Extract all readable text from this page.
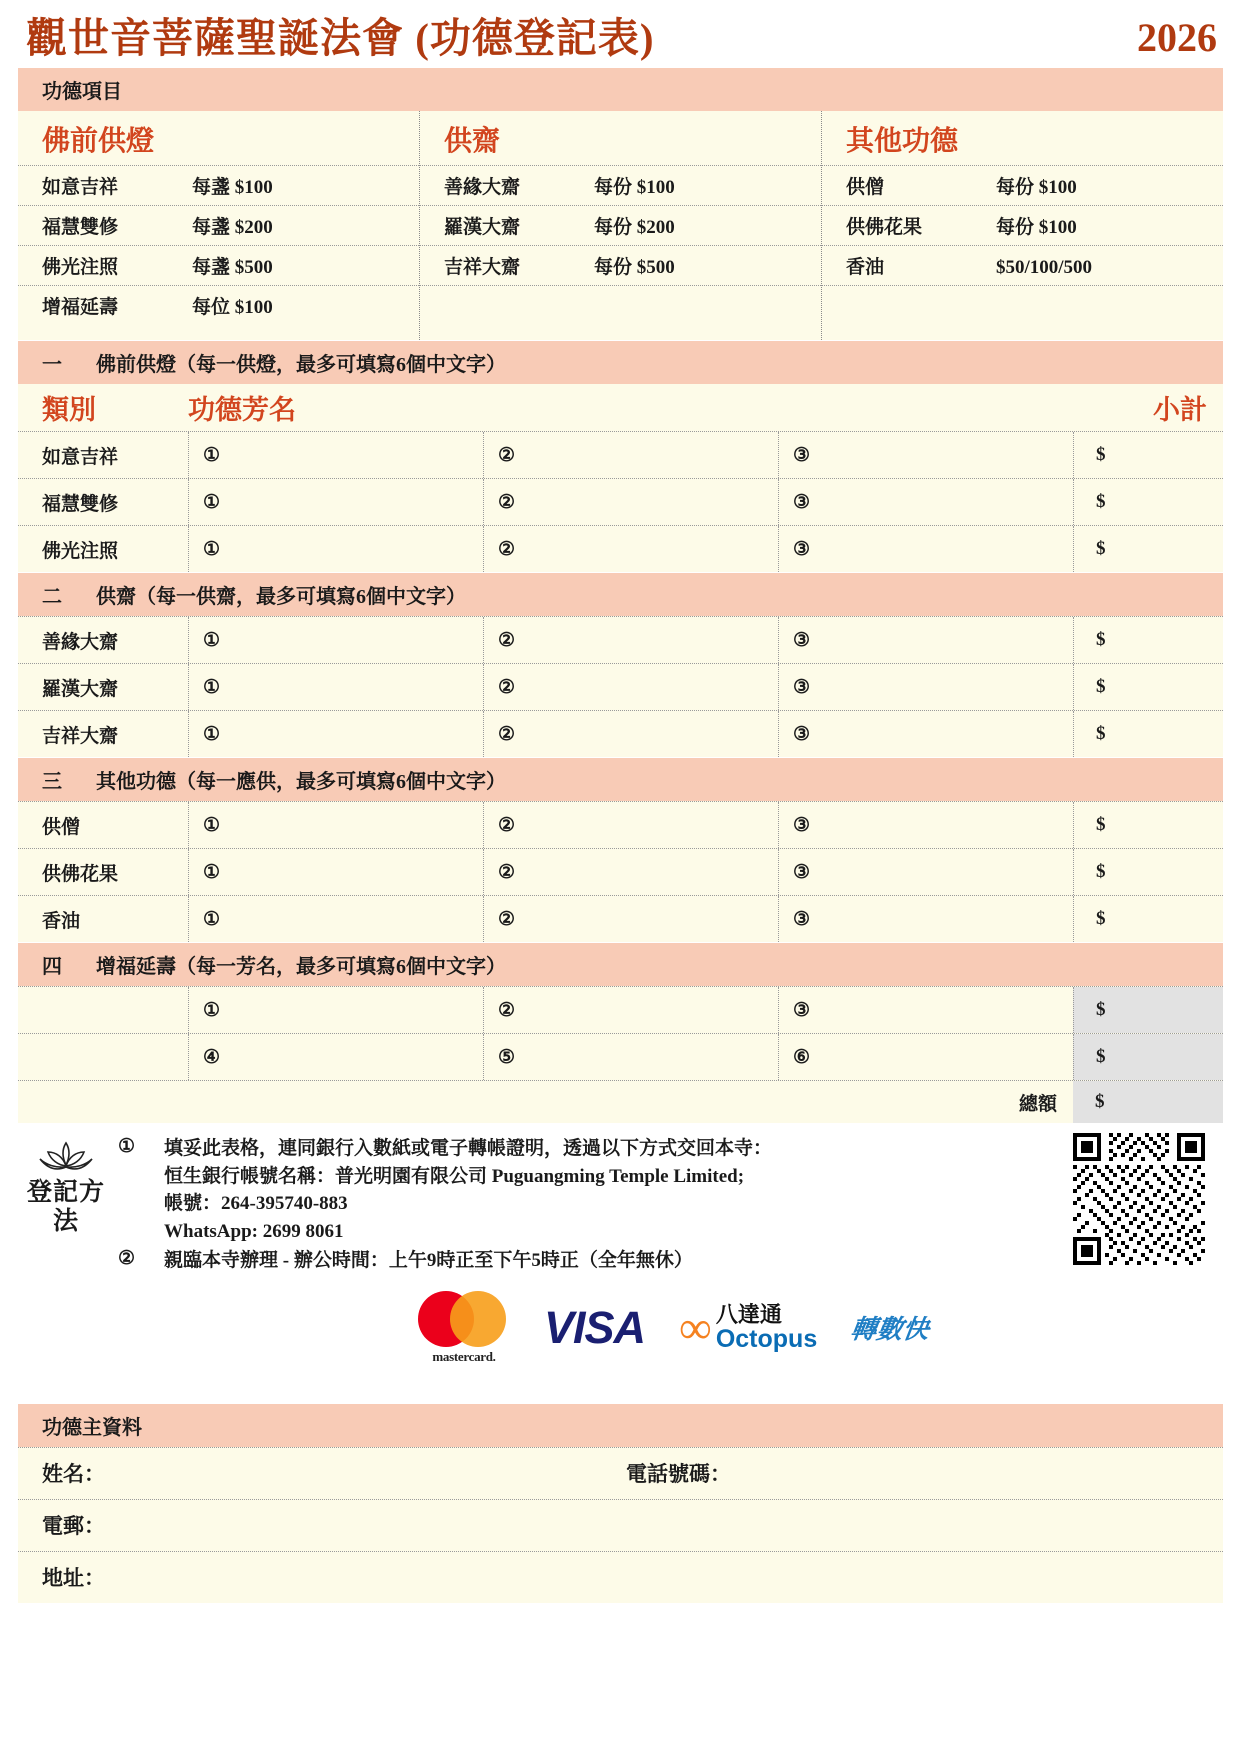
觀世音菩薩聖誕法會 (功德登記表)	2026
功德項目
佛前供燈
如意吉祥	每盞 $100
福慧雙修	每盞 $200
佛光注照	每盞 $500
增福延壽	每位 $100
供齋
善緣大齋	每份 $100
羅漢大齋	每份 $200
吉祥大齋	每份 $500
其他功德
供僧	每份 $100
供佛花果	每份 $100
香油	$50/100/500
一 佛前供燈（每一供燈，最多可填寫6個中文字）
類別	功德芳名	小計
如意吉祥	①	②	③	$
福慧雙修	①	②	③	$
佛光注照	①	②	③	$
二 供齋（每一供齋，最多可填寫6個中文字）
善緣大齋	①	②	③	$
羅漢大齋	①	②	③	$
吉祥大齋	①	②	③	$
三 其他功德（每一應供，最多可填寫6個中文字）
供僧	①	②	③	$
供佛花果	①	②	③	$
香油	①	②	③	$
四 增福延壽（每一芳名，最多可填寫6個中文字）
①	②	③	$
④	⑤	⑥	$
總額	$
登記方法
①	填妥此表格，連同銀行入數紙或電子轉帳證明，透過以下方式交回本寺：
恒生銀行帳號名稱：普光明園有限公司 Puguangming Temple Limited;
帳號：264-395740-883
WhatsApp: 2699 8061
②	親臨本寺辦理 - 辦公時間：上午9時正至下午5時正（全年無休）
mastercard.
VISA ∞ 八達通
Octopus 轉數快
功德主資料
姓名：	電話號碼：
電郵：
地址：
